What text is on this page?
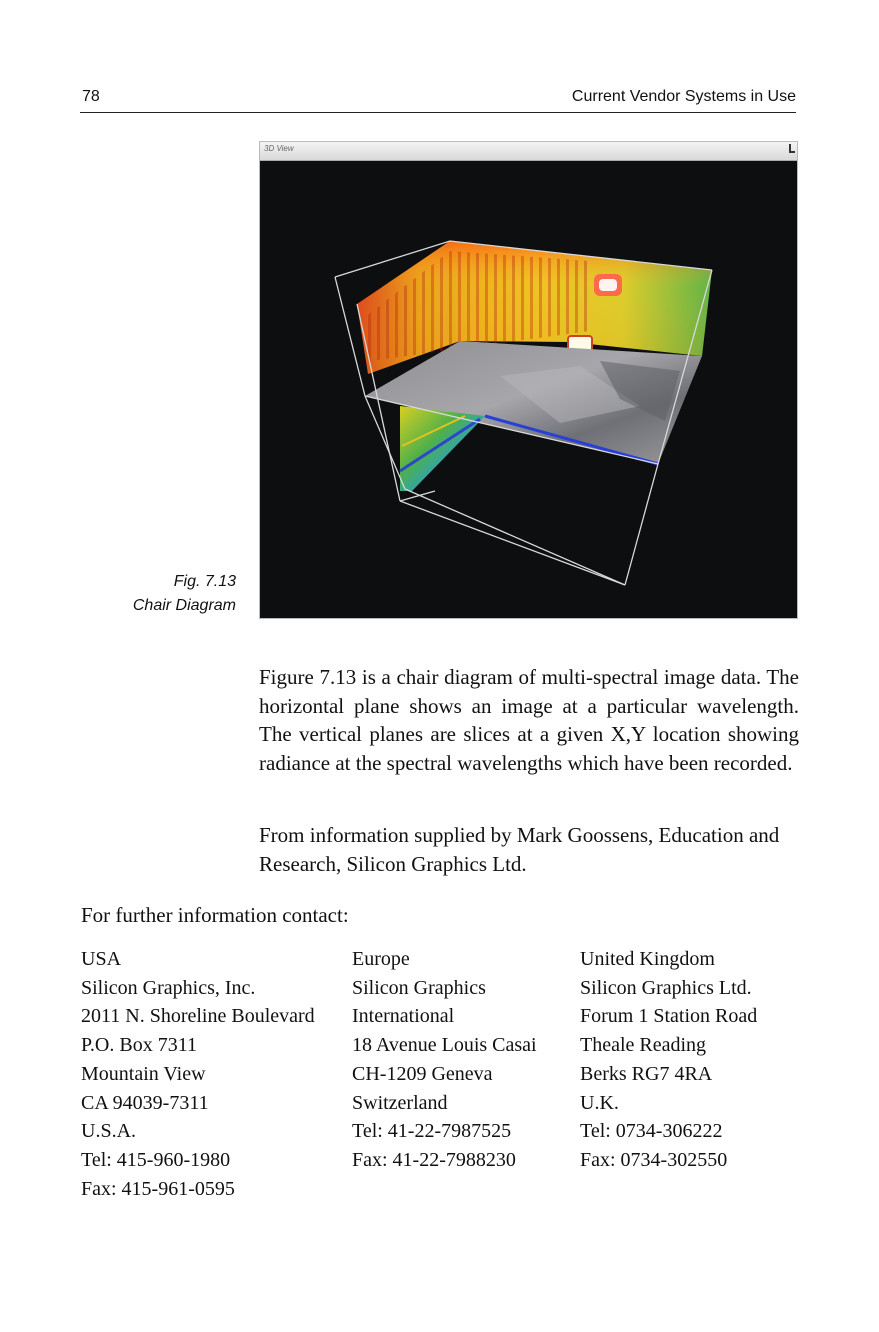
78	Current Vendor Systems in Use
3D View
Fig. 7.13
Chair Diagram
Figure 7.13 is a chair diagram of multi-spectral image data. The horizontal plane shows an image at a particular wavelength. The vertical planes are slices at a given X,Y location showing radiance at the spectral wavelengths which have been recorded.
From information supplied by Mark Goossens, Education and Research, Silicon Graphics Ltd.
For further information contact:
USA
Silicon Graphics, Inc.
2011 N. Shoreline Boulevard
P.O. Box 7311
Mountain View
CA 94039-7311
U.S.A.
Tel: 415-960-1980
Fax: 415-961-0595
Europe
Silicon Graphics
International
18 Avenue Louis Casai
CH-1209 Geneva
Switzerland
Tel: 41-22-7987525
Fax: 41-22-7988230
United Kingdom
Silicon Graphics Ltd.
Forum 1 Station Road
Theale Reading
Berks RG7 4RA
U.K.
Tel: 0734-306222
Fax: 0734-302550
